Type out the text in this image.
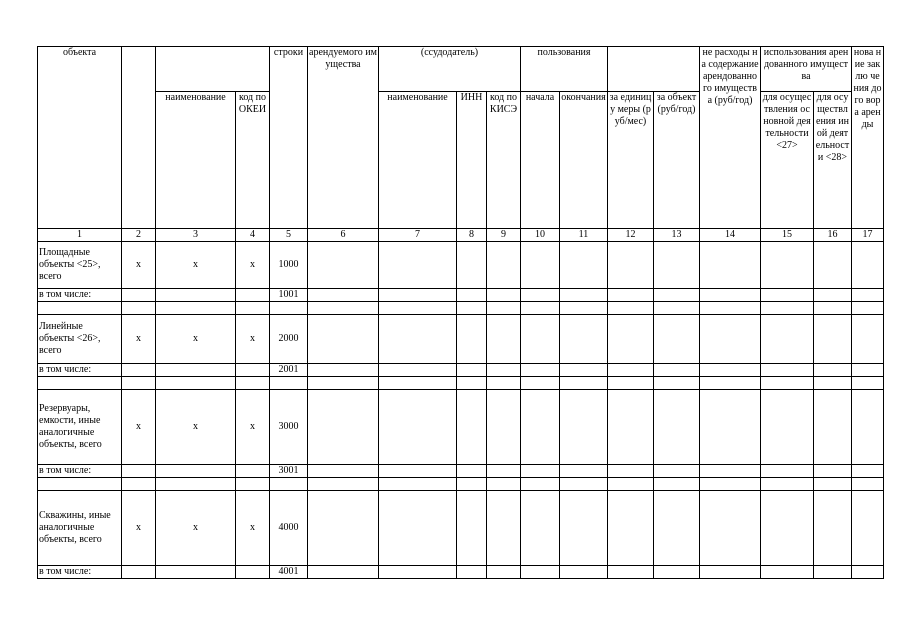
объекта				строки	арендуемого имущества	(ссудодатель)			пользования				не расходы на содержание арендованного имущества (руб/год)	использования арендованного имущества		нова ние заклю чения дого вора арен ды
		наименование	код по ОКЕИ			наименование	ИНН	код по КИСЭ	начала	окончания	за единицу меры (руб/мес)	за объект (руб/год)		для осуществления основной деятельности <27>	для осуществления иной деятельности <28>	
1	2	3	4	5	6	7	8	9	10	11	12	13	14	15	16	17
Площадные объекты <25>, всего	x	x	x	1000												
в том числе:				1001												

Линейные объекты <26>, всего	x	x	x	2000												
в том числе:				2001												

Резервуары, емкости, иные аналогичные объекты, всего	x	x	x	3000												
в том числе:				3001												

Скважины, иные аналогичные объекты, всего	x	x	x	4000												
в том числе:				4001												
